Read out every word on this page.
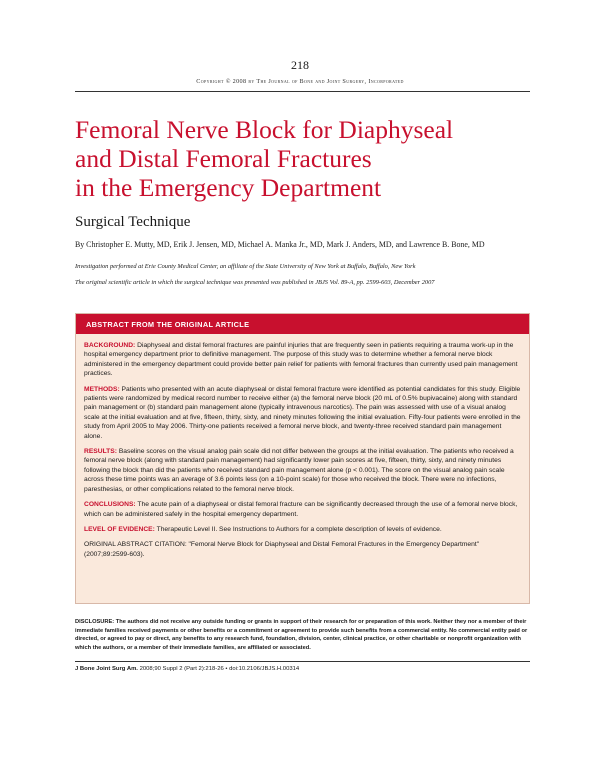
218
Copyright © 2008 by The Journal of Bone and Joint Surgery, Incorporated
Femoral Nerve Block for Diaphyseal
and Distal Femoral Fractures
in the Emergency Department
Surgical Technique
By Christopher E. Mutty, MD, Erik J. Jensen, MD, Michael A. Manka Jr., MD, Mark J. Anders, MD, and Lawrence B. Bone, MD
Investigation performed at Erie County Medical Center, an affiliate of the State University of New York at Buffalo, Buffalo, New York
The original scientific article in which the surgical technique was presented was published in JBJS Vol. 89-A, pp. 2599-603, December 2007
ABSTRACT FROM THE ORIGINAL ARTICLE

BACKGROUND: Diaphyseal and distal femoral fractures are painful injuries that are frequently seen in patients requiring a trauma work-up in the hospital emergency department prior to definitive management. The purpose of this study was to determine whether a femoral nerve block administered in the emergency department could provide better pain relief for patients with femoral fractures than currently used pain management practices.

METHODS: Patients who presented with an acute diaphyseal or distal femoral fracture were identified as potential candidates for this study. Eligible patients were randomized by medical record number to receive either (a) the femoral nerve block (20 mL of 0.5% bupivacaine) along with standard pain management or (b) standard pain management alone (typically intravenous narcotics). The pain was assessed with use of a visual analog scale at the initial evaluation and at five, fifteen, thirty, sixty, and ninety minutes following the initial evaluation. Fifty-four patients were enrolled in the study from April 2005 to May 2006. Thirty-one patients received a femoral nerve block, and twenty-three received standard pain management alone.

RESULTS: Baseline scores on the visual analog pain scale did not differ between the groups at the initial evaluation. The patients who received a femoral nerve block (along with standard pain management) had significantly lower pain scores at five, fifteen, thirty, sixty, and ninety minutes following the block than did the patients who received standard pain management alone (p < 0.001). The score on the visual analog pain scale across these time points was an average of 3.6 points less (on a 10-point scale) for those who received the block. There were no infections, paresthesias, or other complications related to the femoral nerve block.

CONCLUSIONS: The acute pain of a diaphyseal or distal femoral fracture can be significantly decreased through the use of a femoral nerve block, which can be administered safely in the hospital emergency department.

LEVEL OF EVIDENCE: Therapeutic Level II. See Instructions to Authors for a complete description of levels of evidence.

ORIGINAL ABSTRACT CITATION: "Femoral Nerve Block for Diaphyseal and Distal Femoral Fractures in the Emergency Department" (2007;89:2599-603).

DISCLOSURE: The authors did not receive any outside funding or grants in support of their research for or preparation of this work. Neither they nor a member of their immediate families received payments or other benefits or a commitment or agreement to provide such benefits from a commercial entity. No commercial entity paid or directed, or agreed to pay or direct, any benefits to any research fund, foundation, division, center, clinical practice, or other charitable or nonprofit organization with which the authors, or a member of their immediate families, are affiliated or associated.
J Bone Joint Surg Am. 2008;90 Suppl 2 (Part 2):218-26 • doi:10.2106/JBJS.H.00314
